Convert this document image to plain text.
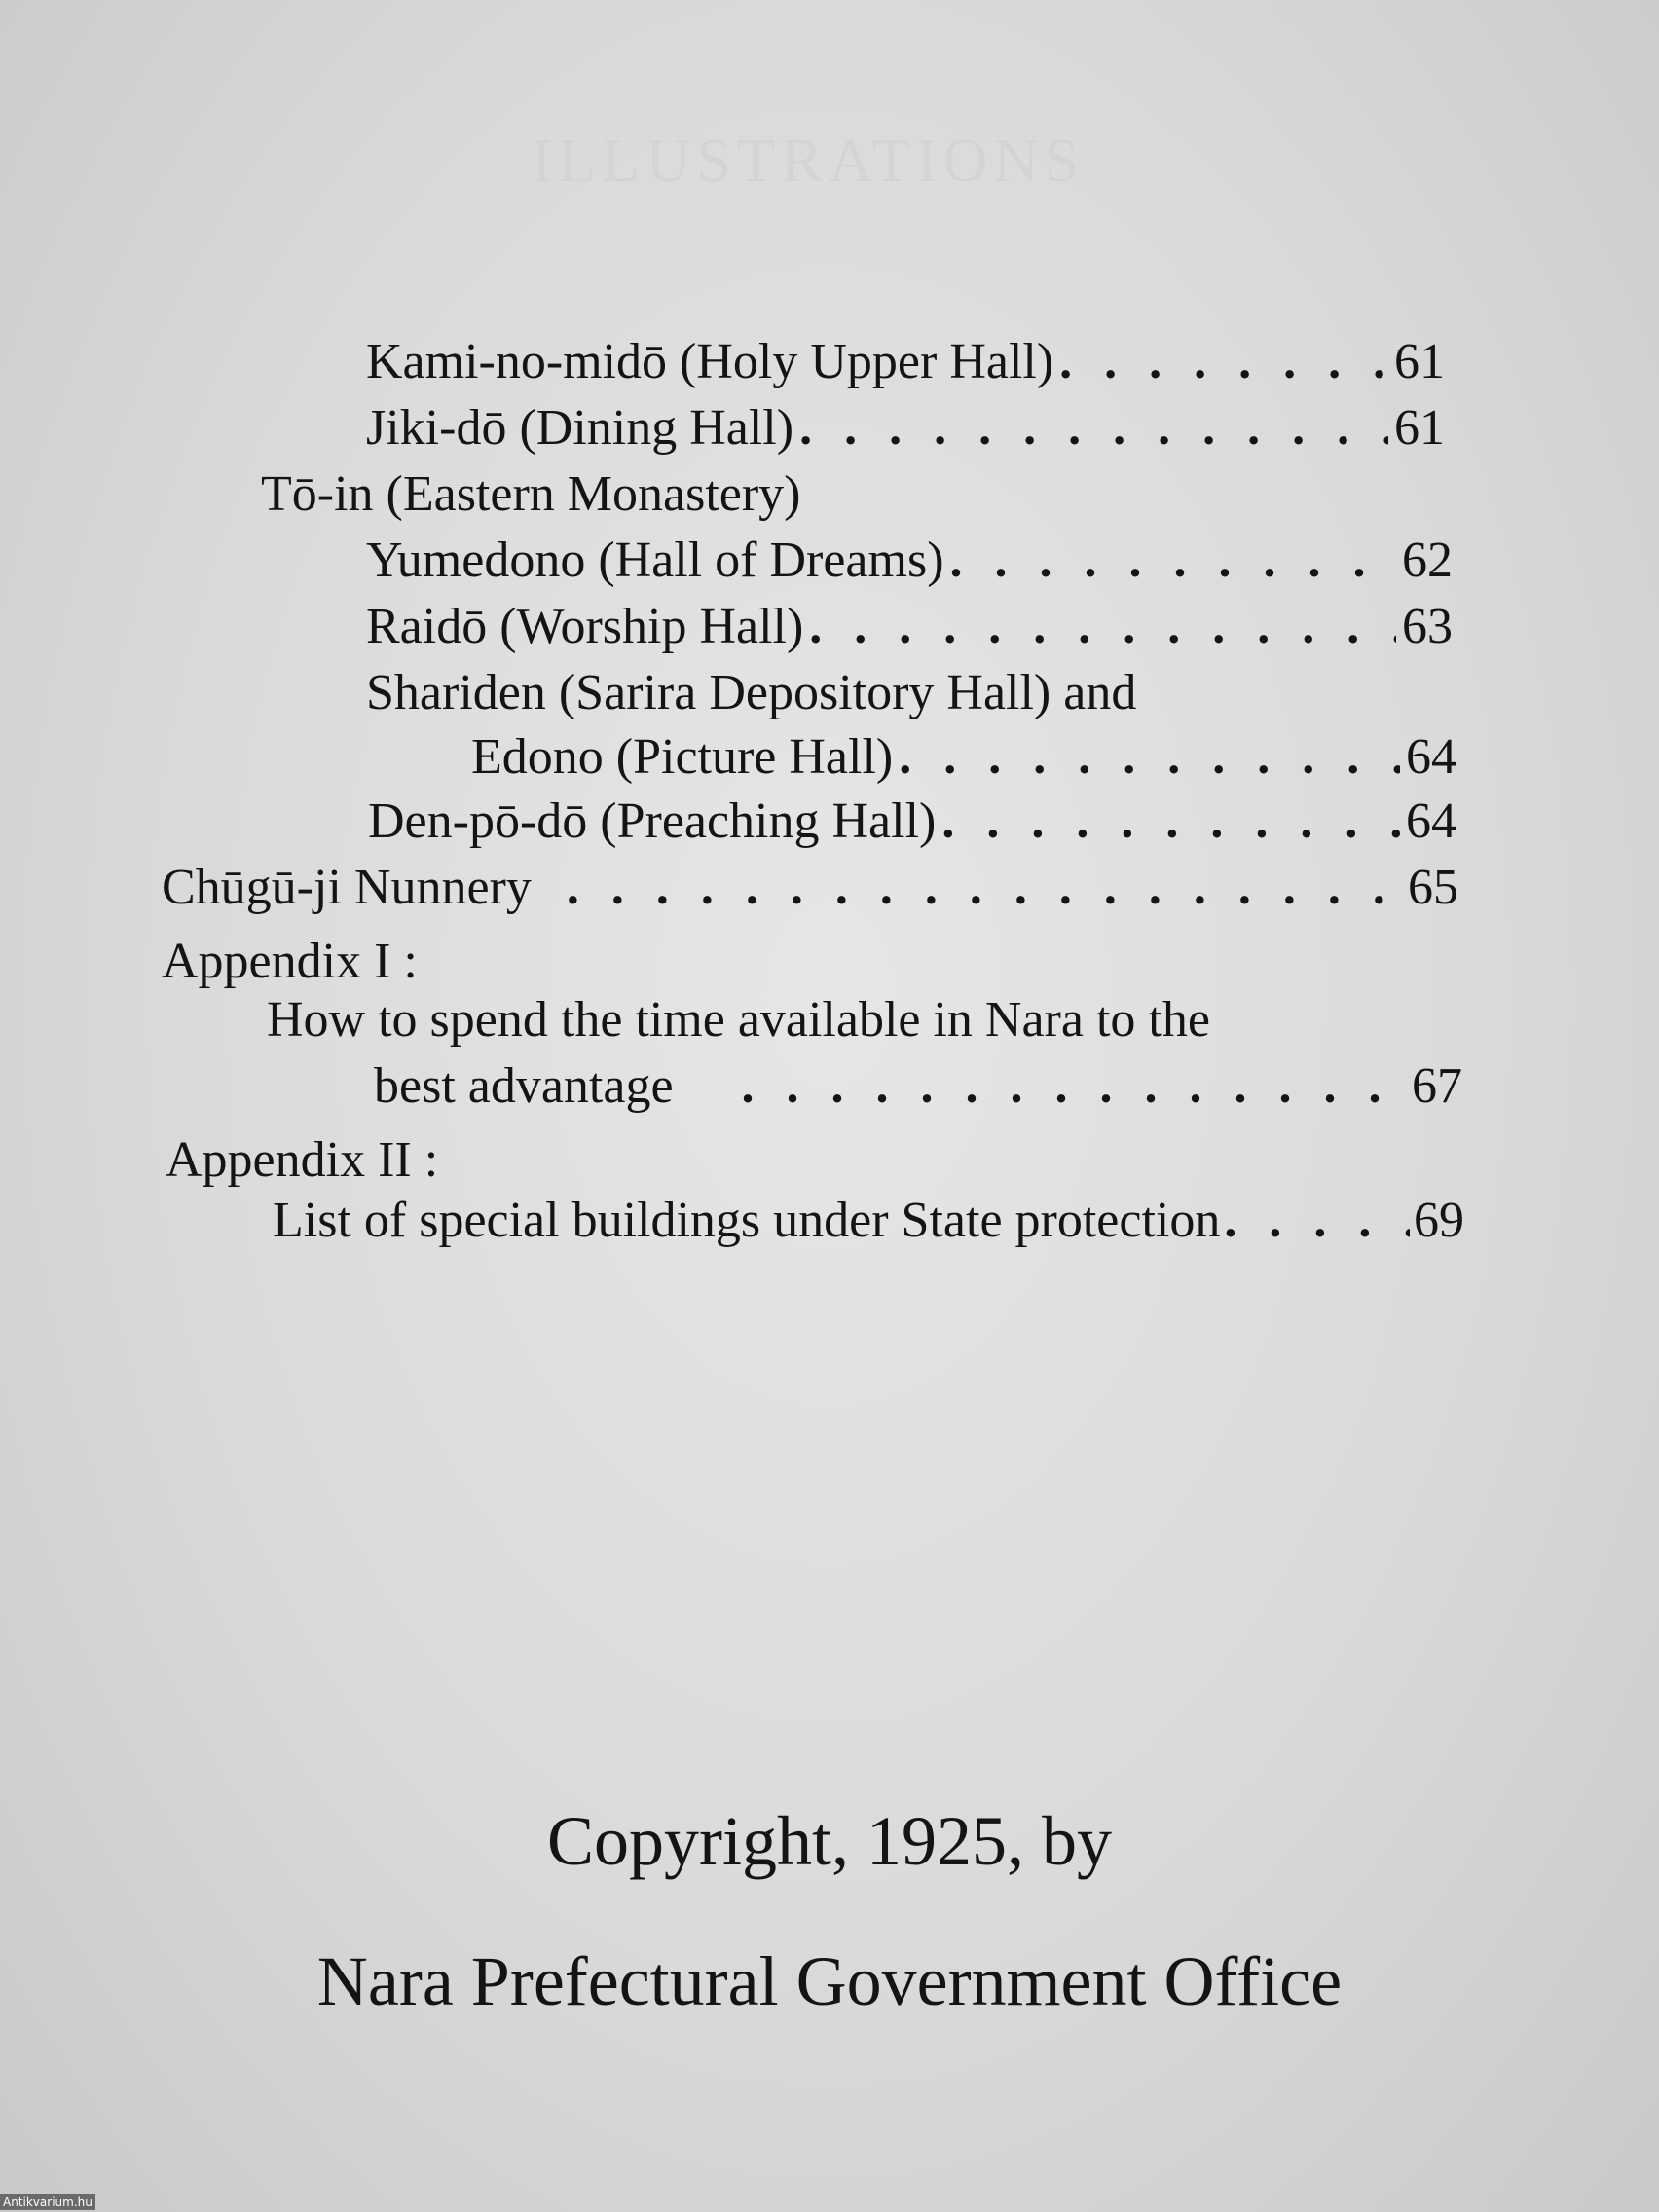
ILLUSTRATIONS
Kami-no-midō (Holy Upper Hall) . . .	61
Jiki-dō (Dining Hall) . . .	61
Tō-in (Eastern Monastery)
Yumedono (Hall of Dreams) . . .	62
Raidō (Worship Hall) . . .	63
Shariden (Sarira Depository Hall) and
Edono (Picture Hall) . . .	64
Den-pō-dō (Preaching Hall) . . .	64
Chūgū-ji Nunnery . . .	65
Appendix I :
How to spend the time available in Nara to the
best advantage . . .	67
Appendix II :
List of special buildings under State protection . . .	69
Copyright, 1925, by
Nara Prefectural Government Office
Antikvarium.hu
